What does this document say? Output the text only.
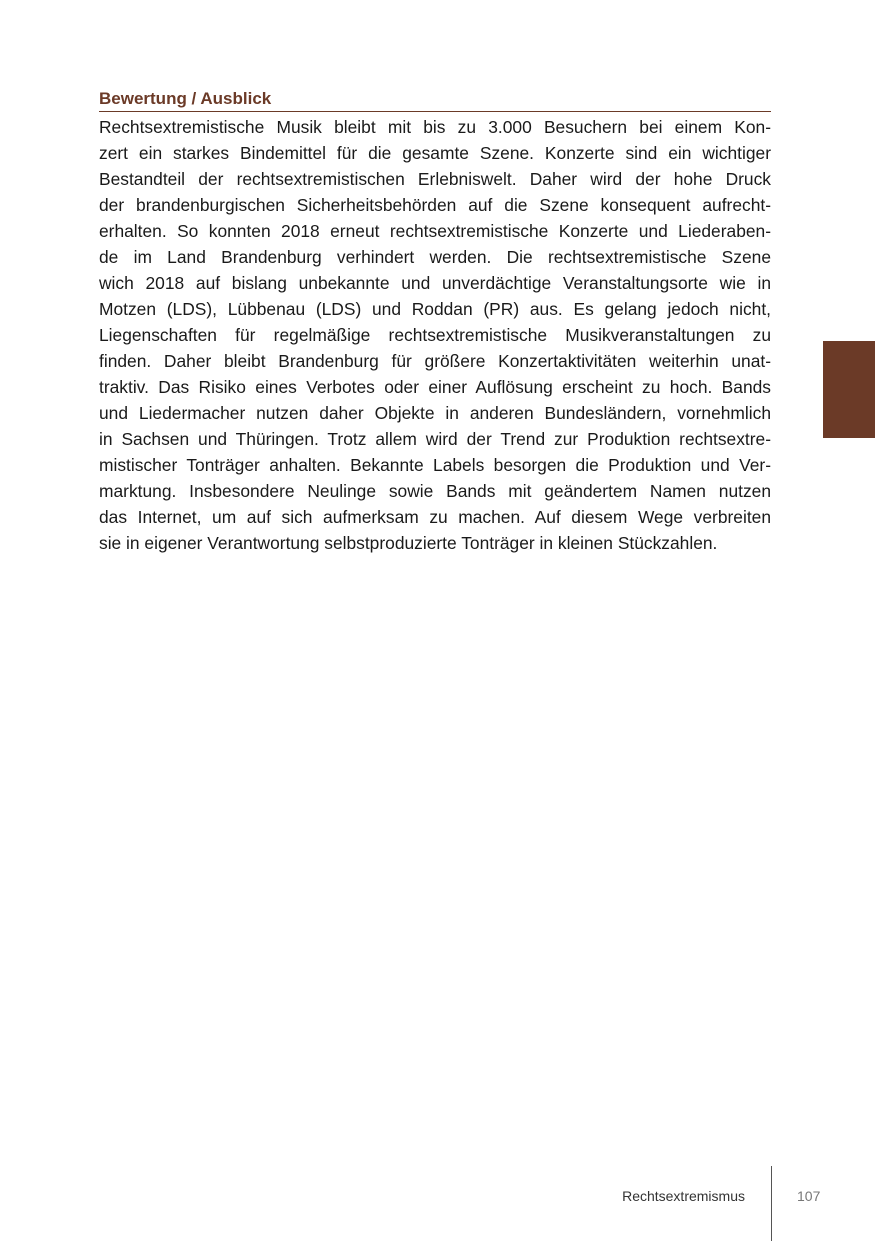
Bewertung / Ausblick
Rechtsextremistische Musik bleibt mit bis zu 3.000 Besuchern bei einem Kon-
zert ein starkes Bindemittel für die gesamte Szene. Konzerte sind ein wichtiger
Bestandteil der rechtsextremistischen Erlebniswelt. Daher wird der hohe Druck
der brandenburgischen Sicherheitsbehörden auf die Szene konsequent aufrecht-
erhalten. So konnten 2018 erneut rechtsextremistische Konzerte und Liederaben-
de im Land Brandenburg verhindert werden. Die rechtsextremistische Szene
wich 2018 auf bislang unbekannte und unverdächtige Veranstaltungsorte wie in
Motzen (LDS), Lübbenau (LDS) und Roddan (PR) aus. Es gelang jedoch nicht,
Liegenschaften für regelmäßige rechtsextremistische Musikveranstaltungen zu
finden. Daher bleibt Brandenburg für größere Konzertaktivitäten weiterhin unat-
traktiv. Das Risiko eines Verbotes oder einer Auflösung erscheint zu hoch. Bands
und Liedermacher nutzen daher Objekte in anderen Bundesländern, vornehmlich
in Sachsen und Thüringen. Trotz allem wird der Trend zur Produktion rechtsextre-
mistischer Tonträger anhalten. Bekannte Labels besorgen die Produktion und Ver-
marktung. Insbesondere Neulinge sowie Bands mit geändertem Namen nutzen
das Internet, um auf sich aufmerksam zu machen. Auf diesem Wege verbreiten
sie in eigener Verantwortung selbstproduzierte Tonträger in kleinen Stückzahlen.
Rechtsextremismus	107
